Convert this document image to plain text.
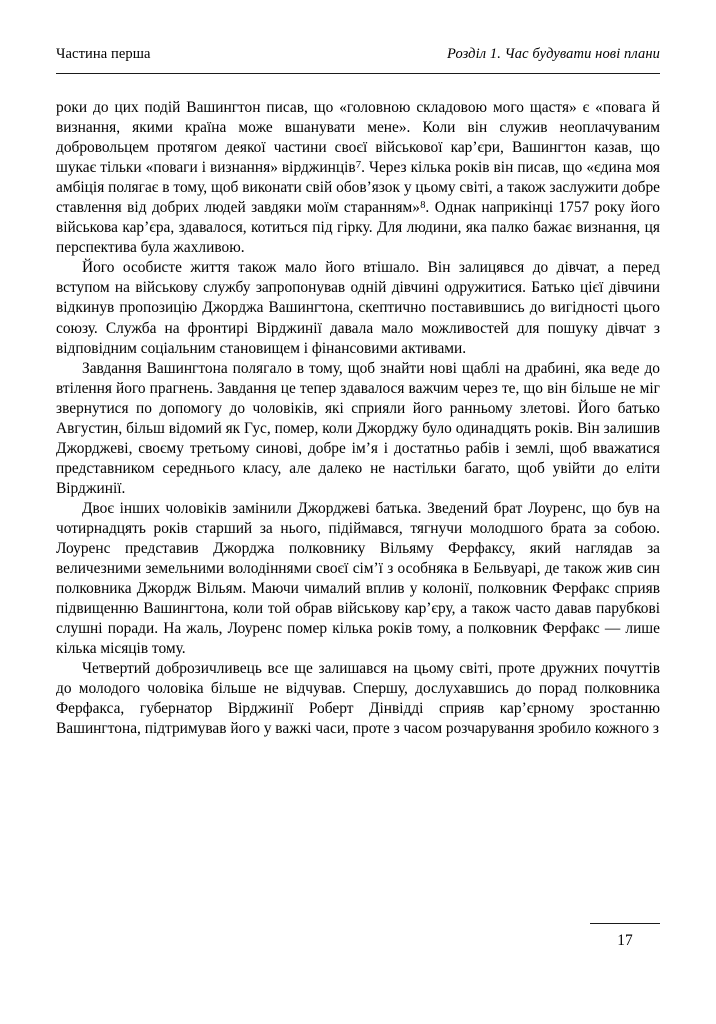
Частина перша	Розділ 1. Час будувати нові плани

роки до цих подій Вашингтон писав, що «головною складовою мого щастя» є «повага й визнання, якими країна може вшанувати мене». Коли він служив неоплачуваним добровольцем протягом деякої частини своєї військової кар’єри, Вашингтон казав, що шукає тільки «поваги і визнання» вірджинців$^7$. Через кілька років він писав, що «єдина моя амбіція полягає в тому, щоб виконати свій обов’язок у цьому світі, а також заслужити добре ставлення від добрих людей завдяки моїм старанням»$^8$. Однак наприкінці 1757 року його військова кар’єра, здавалося, котиться під гірку. Для людини, яка палко бажає визнання, ця перспектива була жахливою.

Його особисте життя також мало його втішало. Він залицявся до дівчат, а перед вступом на військову службу запропонував одній дівчині одружитися. Батько цієї дівчини відкинув пропозицію Джорджа Вашингтона, скептично поставившись до вигідності цього союзу. Служба на фронтирі Вірджинії давала мало можливостей для пошуку дівчат з відповідним соціальним становищем і фінансовими активами.

Завдання Вашингтона полягало в тому, щоб знайти нові щаблі на драбині, яка веде до втілення його прагнень. Завдання це тепер здавалося важчим через те, що він більше не міг звернутися по допомогу до чоловіків, які сприяли його ранньому злетові. Його батько Августин, більш відомий як Гус, помер, коли Джорджу було одинадцять років. Він залишив Джорджеві, своєму третьому синові, добре ім’я і достатньо рабів і землі, щоб вважатися представником середнього класу, але далеко не настільки багато, щоб увійти до еліти Вірджинії.

Двоє інших чоловіків замінили Джорджеві батька. Зведений брат Лоуренс, що був на чотирнадцять років старший за нього, підіймався, тягнучи молодшого брата за собою. Лоуренс представив Джорджа полковнику Вільяму Ферфаксу, який наглядав за величезними земельними володіннями своєї сім’ї з особняка в Бельвуарі, де також жив син полковника Джордж Вільям. Маючи чималий вплив у колонії, полковник Ферфакс сприяв підвищенню Вашингтона, коли той обрав військову кар’єру, а також часто давав парубкові слушні поради. На жаль, Лоуренс помер кілька років тому, а полковник Ферфакс — лише кілька місяців тому.

Четвертий доброзичливець все ще залишався на цьому світі, проте дружних почуттів до молодого чоловіка більше не відчував. Спершу, дослухавшись до порад полковника Ферфакса, губернатор Вірджинії Роберт Дінвідді сприяв кар’єрному зростанню Вашингтона, підтримував його у важкі часи, проте з часом розчарування зробило кожного з

17
